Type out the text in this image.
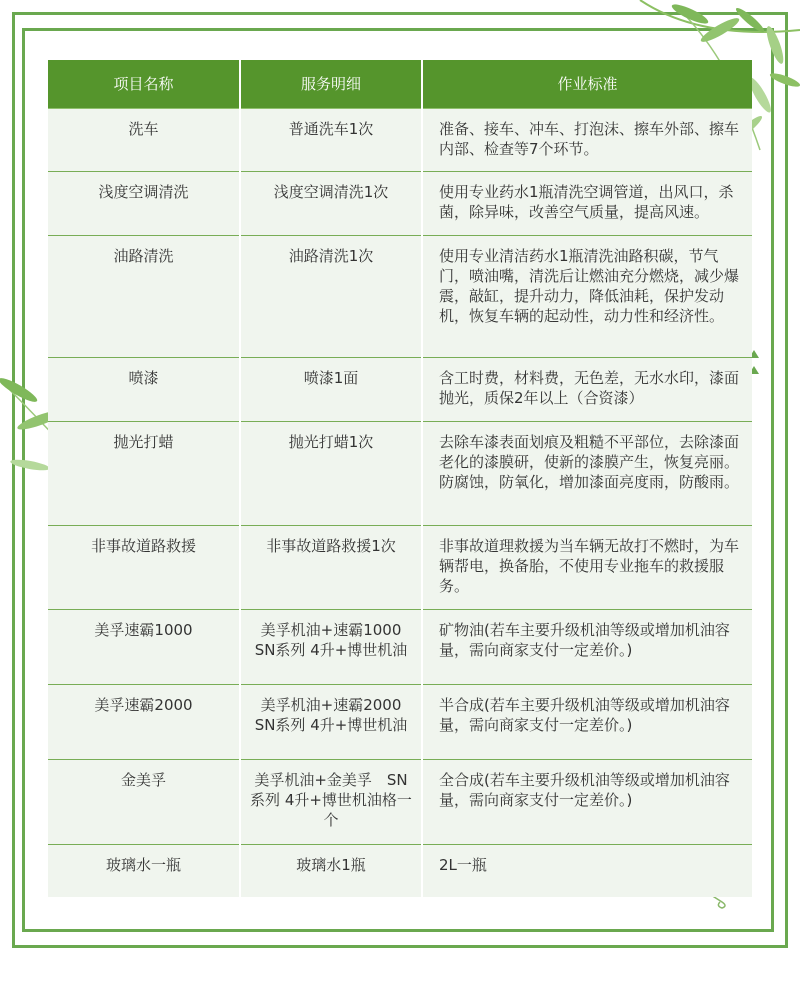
项目名称	服务明细	作业标准
洗车	普通洗车1次	准备、接车、冲车、打泡沫、擦车外部、擦车内部、检查等7个环节。
浅度空调清洗	浅度空调清洗1次	使用专业药水1瓶清洗空调管道，出风口，杀菌，除异味，改善空气质量，提高风速。
油路清洗	油路清洗1次	使用专业清洁药水1瓶清洗油路积碳，节气门，喷油嘴，清洗后让燃油充分燃烧，减少爆震，敲缸，提升动力，降低油耗，保护发动机，恢复车辆的起动性，动力性和经济性。
喷漆	喷漆1面	含工时费，材料费，无色差，无水水印，漆面抛光，质保2年以上（合资漆）
抛光打蜡	抛光打蜡1次	去除车漆表面划痕及粗糙不平部位，去除漆面老化的漆膜研，使新的漆膜产生，恢复亮丽。防腐蚀，防氧化，增加漆面亮度雨，防酸雨。
非事故道路救援	非事故道路救援1次	非事故道理救援为当车辆无故打不燃时，为车辆帮电，换备胎，不使用专业拖车的救援服务。
美孚速霸1000	美孚机油+速霸1000 SN系列 4升+博世机油	矿物油(若车主要升级机油等级或增加机油容量，需向商家支付一定差价。)
美孚速霸2000	美孚机油+速霸2000 SN系列 4升+博世机油	半合成(若车主要升级机油等级或增加机油容量，需向商家支付一定差价。)
金美孚	美孚机油+金美孚　SN系列 4升+博世机油格一个	全合成(若车主要升级机油等级或增加机油容量，需向商家支付一定差价。)
玻璃水一瓶	玻璃水1瓶	2L一瓶
